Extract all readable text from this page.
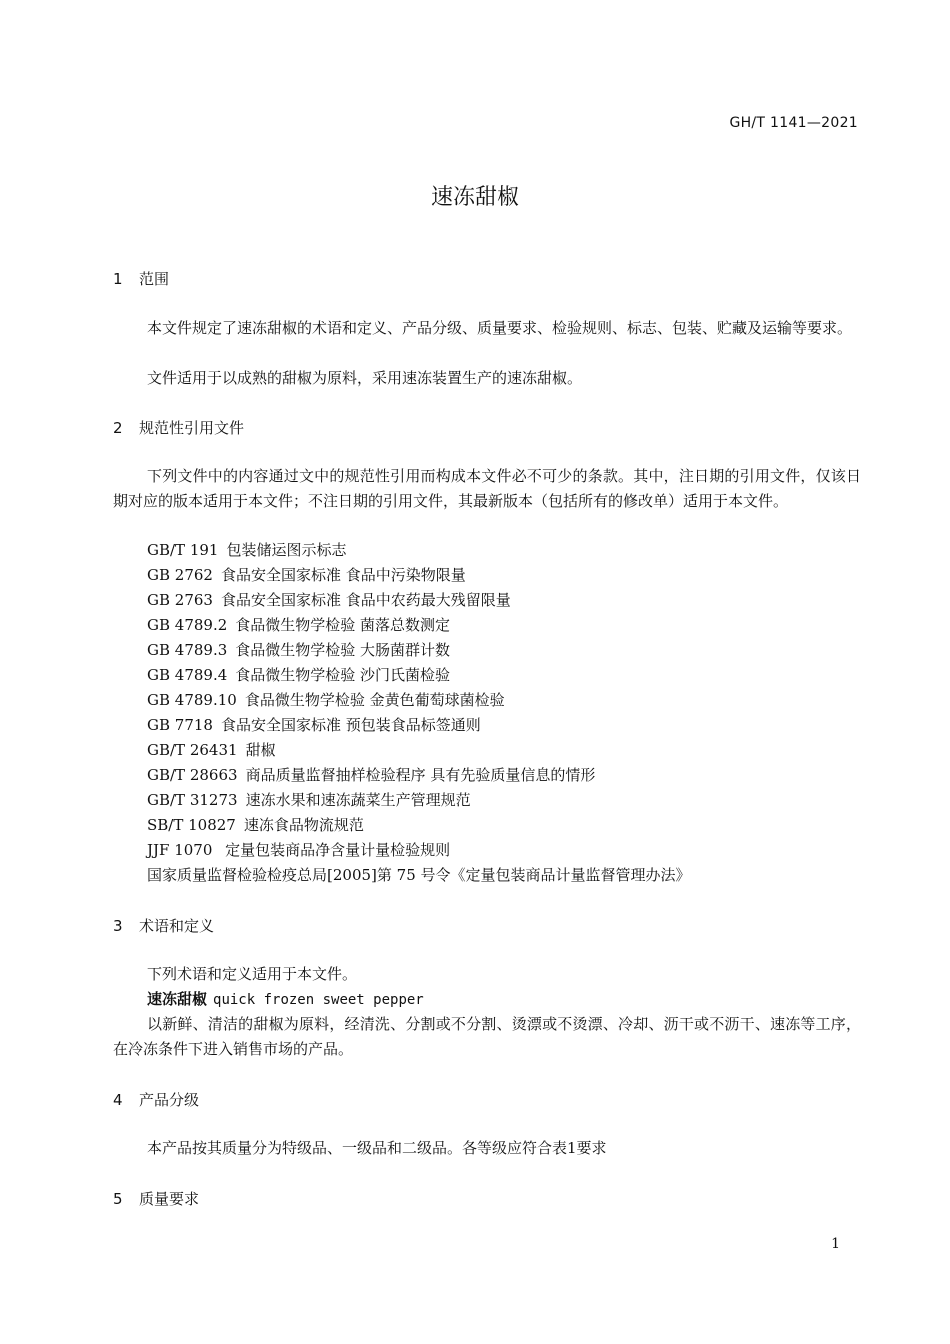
GH/T 1141—2021
速冻甜椒
1 范围
本文件规定了速冻甜椒的术语和定义、产品分级、质量要求、检验规则、标志、包装、贮藏及运输等要求。
文件适用于以成熟的甜椒为原料，采用速冻装置生产的速冻甜椒。
2 规范性引用文件
下列文件中的内容通过文中的规范性引用而构成本文件必不可少的条款。其中，注日期的引用文件，仅该日期对应的版本适用于本文件；不注日期的引用文件，其最新版本（包括所有的修改单）适用于本文件。
GB/T 191 包装储运图示标志
GB 2762 食品安全国家标准 食品中污染物限量
GB 2763 食品安全国家标准 食品中农药最大残留限量
GB 4789.2 食品微生物学检验 菌落总数测定
GB 4789.3 食品微生物学检验 大肠菌群计数
GB 4789.4 食品微生物学检验 沙门氏菌检验
GB 4789.10 食品微生物学检验 金黄色葡萄球菌检验
GB 7718 食品安全国家标准 预包装食品标签通则
GB/T 26431 甜椒
GB/T 28663 商品质量监督抽样检验程序 具有先验质量信息的情形
GB/T 31273 速冻水果和速冻蔬菜生产管理规范
SB/T 10827 速冻食品物流规范
JJF 1070 定量包装商品净含量计量检验规则
国家质量监督检验检疫总局[2005]第 75 号令《定量包装商品计量监督管理办法》
3 术语和定义
下列术语和定义适用于本文件。
速冻甜椒 quick frozen sweet pepper
以新鲜、清洁的甜椒为原料，经清洗、分割或不分割、烫漂或不烫漂、冷却、沥干或不沥干、速冻等工序，在冷冻条件下进入销售市场的产品。
4 产品分级
本产品按其质量分为特级品、一级品和二级品。各等级应符合表1要求
5 质量要求
1
